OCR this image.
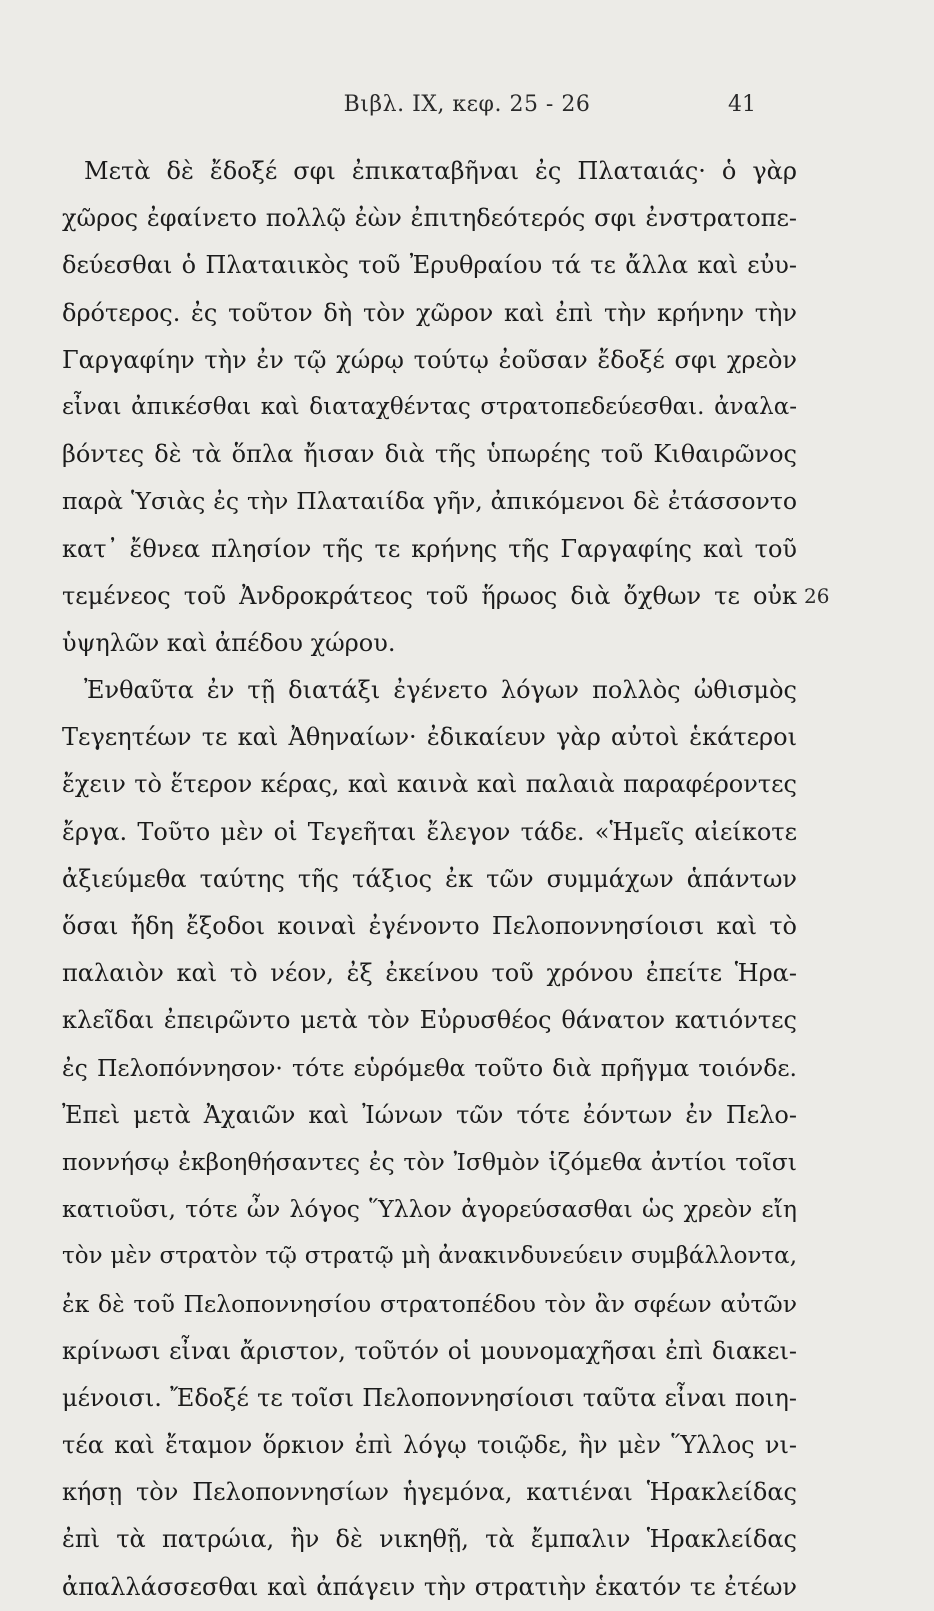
Βιβλ. IX, κεφ. 25 - 26	41
26
Μετὰ δὲ ἔδοξέ σφι ἐπικαταβῆναι ἐς Πλαταιάς· ὁ γὰρ
χῶρος ἐφαίνετο πολλῷ ἐὼν ἐπιτηδεότερός σφι ἐνστρατοπε-
δεύεσθαι ὁ Πλαταιικὸς τοῦ Ἐρυθραίου τά τε ἄλλα καὶ εὐυ-
δρότερος. ἐς τοῦτον δὴ τὸν χῶρον καὶ ἐπὶ τὴν κρήνην τὴν
Γαργαφίην τὴν ἐν τῷ χώρῳ τούτῳ ἐοῦσαν ἔδοξέ σφι χρεὸν
εἶναι ἀπικέσθαι καὶ διαταχθέντας στρατοπεδεύεσθαι. ἀναλα-
βόντες δὲ τὰ ὅπλα ἤισαν διὰ τῆς ὑπωρέης τοῦ Κιθαιρῶνος
παρὰ Ὑσιὰς ἐς τὴν Πλαταιίδα γῆν, ἀπικόμενοι δὲ ἐτάσσοντο
κατ᾽ ἔθνεα πλησίον τῆς τε κρήνης τῆς Γαργαφίης καὶ τοῦ
τεμένεος τοῦ Ἀνδροκράτεος τοῦ ἥρωος διὰ ὄχθων τε οὐκ
ὑψηλῶν καὶ ἀπέδου χώρου.
Ἐνθαῦτα ἐν τῇ διατάξι ἐγένετο λόγων πολλὸς ὠθισμὸς
Τεγεητέων τε καὶ Ἀθηναίων· ἐδικαίευν γὰρ αὐτοὶ ἑκάτεροι
ἔχειν τὸ ἕτερον κέρας, καὶ καινὰ καὶ παλαιὰ παραφέροντες
ἔργα. Τοῦτο μὲν οἱ Τεγεῆται ἔλεγον τάδε. «Ἡμεῖς αἰείκοτε
ἀξιεύμεθα ταύτης τῆς τάξιος ἐκ τῶν συμμάχων ἁπάντων
ὅσαι ἤδη ἔξοδοι κοιναὶ ἐγένοντο Πελοποννησίοισι καὶ τὸ
παλαιὸν καὶ τὸ νέον, ἐξ ἐκείνου τοῦ χρόνου ἐπείτε Ἡρα-
κλεῖδαι ἐπειρῶντο μετὰ τὸν Εὐρυσθέος θάνατον κατιόντες
ἐς Πελοπόννησον· τότε εὑρόμεθα τοῦτο διὰ πρῆγμα τοιόνδε.
Ἐπεὶ μετὰ Ἀχαιῶν καὶ Ἰώνων τῶν τότε ἐόντων ἐν Πελο-
ποννήσῳ ἐκβοηθήσαντες ἐς τὸν Ἰσθμὸν ἱζόμεθα ἀντίοι τοῖσι
κατιοῦσι, τότε ὦν λόγος Ὕλλον ἀγορεύσασθαι ὡς χρεὸν εἴη
τὸν μὲν στρατὸν τῷ στρατῷ μὴ ἀνακινδυνεύειν συμβάλλοντα,
ἐκ δὲ τοῦ Πελοποννησίου στρατοπέδου τὸν ἂν σφέων αὐτῶν
κρίνωσι εἶναι ἄριστον, τοῦτόν οἱ μουνομαχῆσαι ἐπὶ διακει-
μένοισι. Ἔδοξέ τε τοῖσι Πελοποννησίοισι ταῦτα εἶναι ποιη-
τέα καὶ ἔταμον ὅρκιον ἐπὶ λόγῳ τοιῷδε, ἢν μὲν Ὕλλος νι-
κήσῃ τὸν Πελοποννησίων ἡγεμόνα, κατιέναι Ἡρακλείδας
ἐπὶ τὰ πατρώια, ἢν δὲ νικηθῇ, τὰ ἔμπαλιν Ἡρακλείδας
ἀπαλλάσσεσθαι καὶ ἀπάγειν τὴν στρατιὴν ἑκατόν τε ἐτέων
